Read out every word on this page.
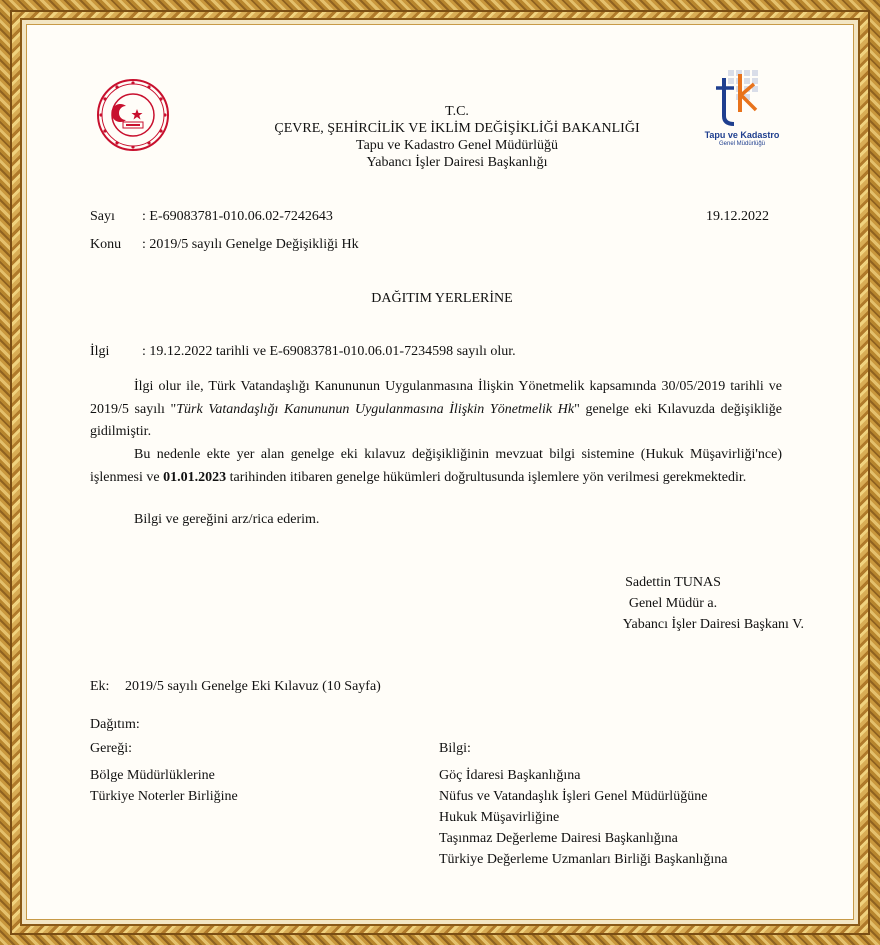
T.C.
ÇEVRE, ŞEHİRCİLİK VE İKLİM DEĞİŞİKLİĞİ BAKANLIĞI
Tapu ve Kadastro Genel Müdürlüğü
Yabancı İşler Dairesi Başkanlığı
Tapu ve Kadastro
Genel Müdürlüğü
Sayı : E-69083781-010.06.02-7242643	19.12.2022
Konu : 2019/5 sayılı Genelge Değişikliği Hk
DAĞITIM YERLERİNE
İlgi : 19.12.2022 tarihli ve E-69083781-010.06.01-7234598 sayılı olur.
İlgi olur ile, Türk Vatandaşlığı Kanununun Uygulanmasına İlişkin Yönetmelik kapsamında 30/05/2019 tarihli ve 2019/5 sayılı "Türk Vatandaşlığı Kanununun Uygulanmasına İlişkin Yönetmelik Hk" genelge eki Kılavuzda değişikliğe gidilmiştir.
Bu nedenle ekte yer alan genelge eki kılavuz değişikliğinin mevzuat bilgi sistemine (Hukuk Müşavirliği'nce) işlenmesi ve 01.01.2023 tarihinden itibaren genelge hükümleri doğrultusunda işlemlere yön verilmesi gerekmektedir.
Bilgi ve gereğini arz/rica ederim.
Sadettin TUNAS
Genel Müdür a.
Yabancı İşler Dairesi Başkanı V.
Ek: 2019/5 sayılı Genelge Eki Kılavuz (10 Sayfa)
Dağıtım:
Gereği:
Bölge Müdürlüklerine
Türkiye Noterler Birliğine
Bilgi:
Göç İdaresi Başkanlığına
Nüfus ve Vatandaşlık İşleri Genel Müdürlüğüne
Hukuk Müşavirliğine
Taşınmaz Değerleme Dairesi Başkanlığına
Türkiye Değerleme Uzmanları Birliği Başkanlığına
